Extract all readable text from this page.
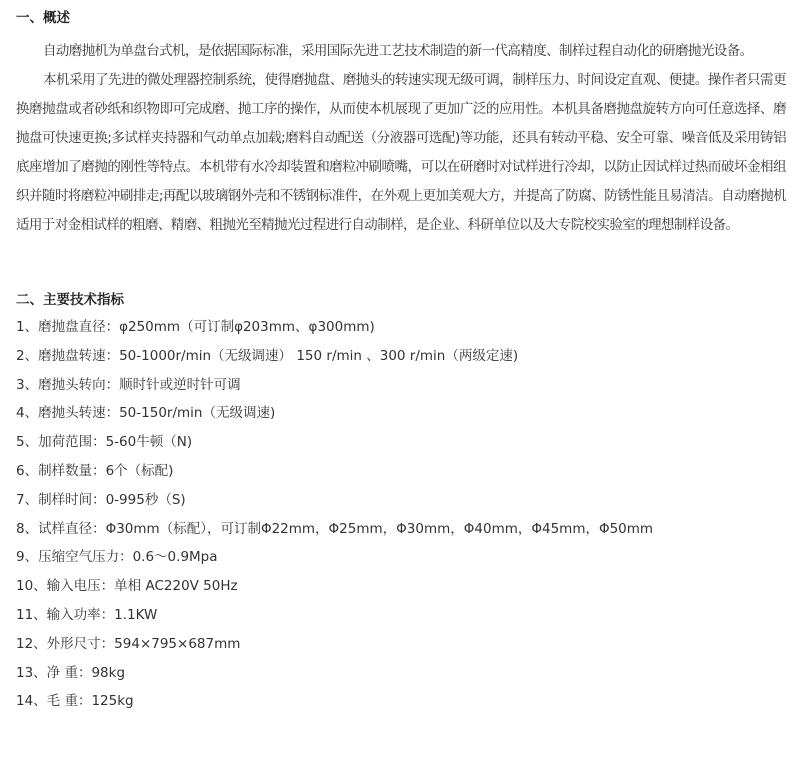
一、概述

自动磨抛机为单盘台式机，是依据国际标准，采用国际先进工艺技术制造的新一代高精度、制样过程自动化的研磨抛光设备。

本机采用了先进的微处理器控制系统，使得磨抛盘、磨抛头的转速实现无级可调，制样压力、时间设定直观、便捷。操作者只需更换磨抛盘或者砂纸和织物即可完成磨、抛工序的操作，从而使本机展现了更加广泛的应用性。本机具备磨抛盘旋转方向可任意选择、磨抛盘可快速更换;多试样夹持器和气动单点加载;磨料自动配送（分液器可选配)等功能，还具有转动平稳、安全可靠、噪音低及采用铸铝底座增加了磨抛的刚性等特点。本机带有水冷却装置和磨粒冲刷喷嘴，可以在研磨时对试样进行冷却，以防止因试样过热而破坏金相组织并随时将磨粒冲刷排走;再配以玻璃钢外壳和不锈钢标准件，在外观上更加美观大方，并提高了防腐、防锈性能且易清洁。自动磨抛机适用于对金相试样的粗磨、精磨、粗抛光至精抛光过程进行自动制样，是企业、科研单位以及大专院校实验室的理想制样设备。

二、主要技术指标
1、磨抛盘直径：φ250mm（可订制φ203mm、φ300mm)
2、磨抛盘转速：50-1000r/min（无级调速） 150 r/min 、300 r/min（两级定速)
3、磨抛头转向：顺时针或逆时针可调
4、磨抛头转速：50-150r/min（无级调速)
5、加荷范围：5-60牛顿（N)
6、制样数量：6个（标配)
7、制样时间：0-995秒（S)
8、试样直径：Φ30mm（标配），可订制Φ22mm，Φ25mm，Φ30mm，Φ40mm，Φ45mm，Φ50mm
9、压缩空气压力：0.6～0.9Mpa
10、输入电压：单相 AC220V 50Hz
11、输入功率：1.1KW
12、外形尺寸：594×795×687mm
13、净 重：98kg
14、毛 重：125kg
